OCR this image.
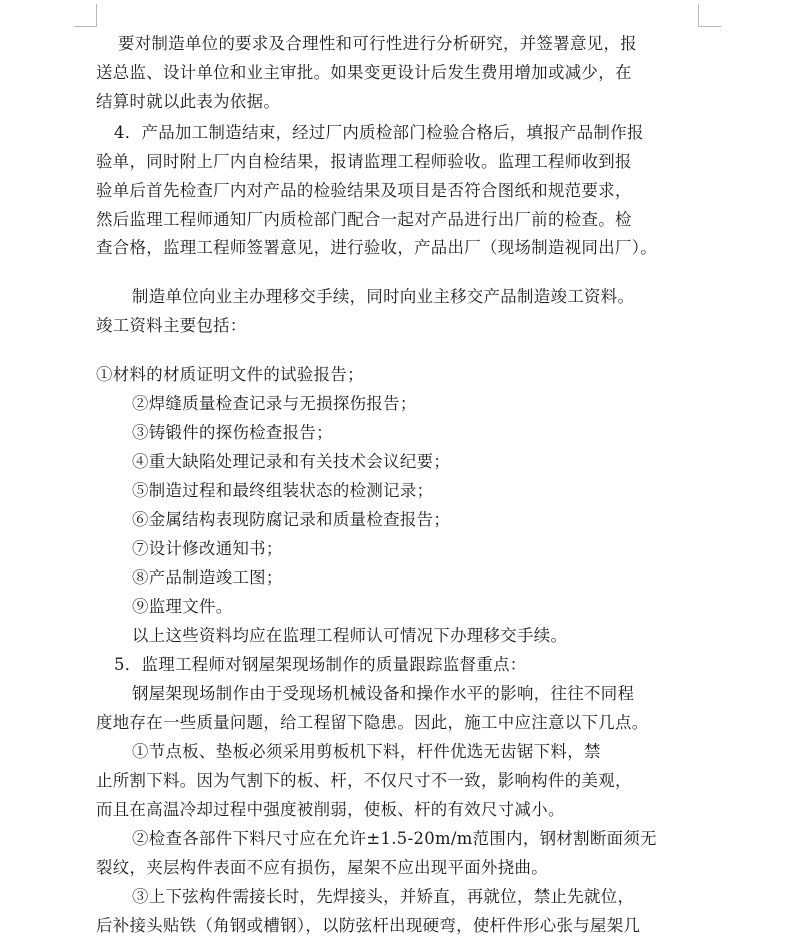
要对制造单位的要求及合理性和可行性进行分析研究，并签署意见，报
送总监、设计单位和业主审批。如果变更设计后发生费用增加或减少，在
结算时就以此表为依据。
4．产品加工制造结束，经过厂内质检部门检验合格后，填报产品制作报
验单，同时附上厂内自检结果，报请监理工程师验收。监理工程师收到报
验单后首先检查厂内对产品的检验结果及项目是否符合图纸和规范要求，
然后监理工程师通知厂内质检部门配合一起对产品进行出厂前的检查。检
查合格，监理工程师签署意见，进行验收，产品出厂（现场制造视同出厂）。
制造单位向业主办理移交手续，同时向业主移交产品制造竣工资料。
竣工资料主要包括：
①材料的材质证明文件的试验报告；
②焊缝质量检查记录与无损探伤报告；
③铸锻件的探伤检查报告；
④重大缺陷处理记录和有关技术会议纪要；
⑤制造过程和最终组装状态的检测记录；
⑥金属结构表现防腐记录和质量检查报告；
⑦设计修改通知书；
⑧产品制造竣工图；
⑨监理文件。
以上这些资料均应在监理工程师认可情况下办理移交手续。
5．监理工程师对钢屋架现场制作的质量跟踪监督重点：
钢屋架现场制作由于受现场机械设备和操作水平的影响，往往不同程
度地存在一些质量问题，给工程留下隐患。因此，施工中应注意以下几点。
①节点板、垫板必须采用剪板机下料，杆件优选无齿锯下料，禁
止所割下料。因为气割下的板、杆，不仅尺寸不一致，影响构件的美观，
而且在高温冷却过程中强度被削弱，使板、杆的有效尺寸减小。
②检查各部件下料尺寸应在允许±1.5-20m/m范围内，钢材割断面须无
裂纹，夹层构件表面不应有损伤，屋架不应出现平面外挠曲。
③上下弦构件需接长时，先焊接头，并矫直，再就位，禁止先就位，
后补接头贴铁（角钢或槽钢），以防弦杆出现硬弯，使杆件形心张与屋架几
